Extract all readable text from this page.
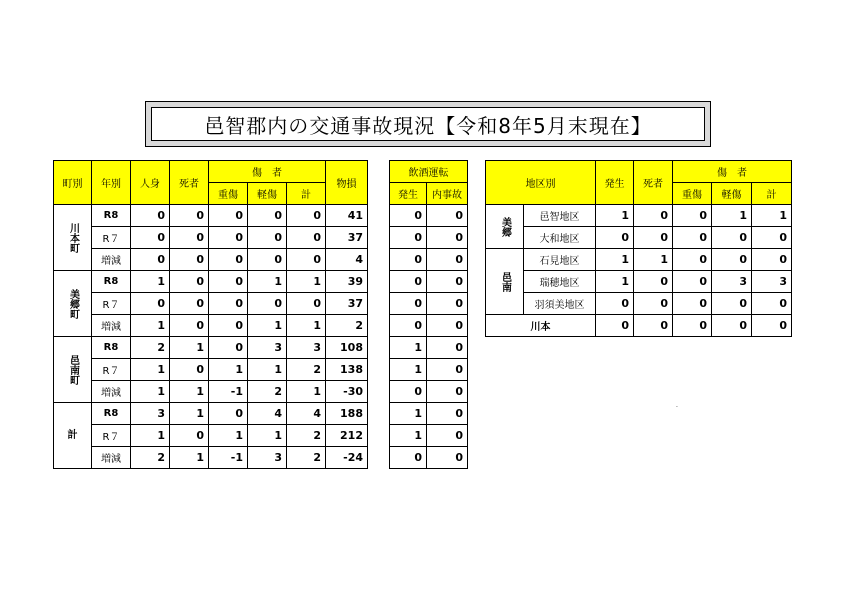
邑智郡内の交通事故現況【令和8年5月末現在】
町別	年別	人身	死者	傷　者			物損
				重傷	軽傷	計	
川本町	R8	0	0	0	0	0	41
	R７	0	0	0	0	0	37
	増減	0	0	0	0	0	4
美郷町	R8	1	0	0	1	1	39
	R７	0	0	0	0	0	37
	増減	1	0	0	1	1	2
邑南町	R8	2	1	0	3	3	108
	R７	1	0	1	1	2	138
	増減	1	1	-1	2	1	-30
計	R8	3	1	0	4	4	188
	R７	1	0	1	1	2	212
	増減	2	1	-1	3	2	-24
飲酒運転	
発生	内事故
0	0
0	0
0	0
0	0
0	0
0	0
1	0
1	0
0	0
1	0
1	0
0	0
地区別		発生	死者	傷　者		
				重傷	軽傷	計
美郷	邑智地区	1	0	0	1	1
	大和地区	0	0	0	0	0
邑南	石見地区	1	1	0	0	0
	瑞穂地区	1	0	0	3	3
	羽須美地区	0	0	0	0	0
川本		0	0	0	0	0
.
